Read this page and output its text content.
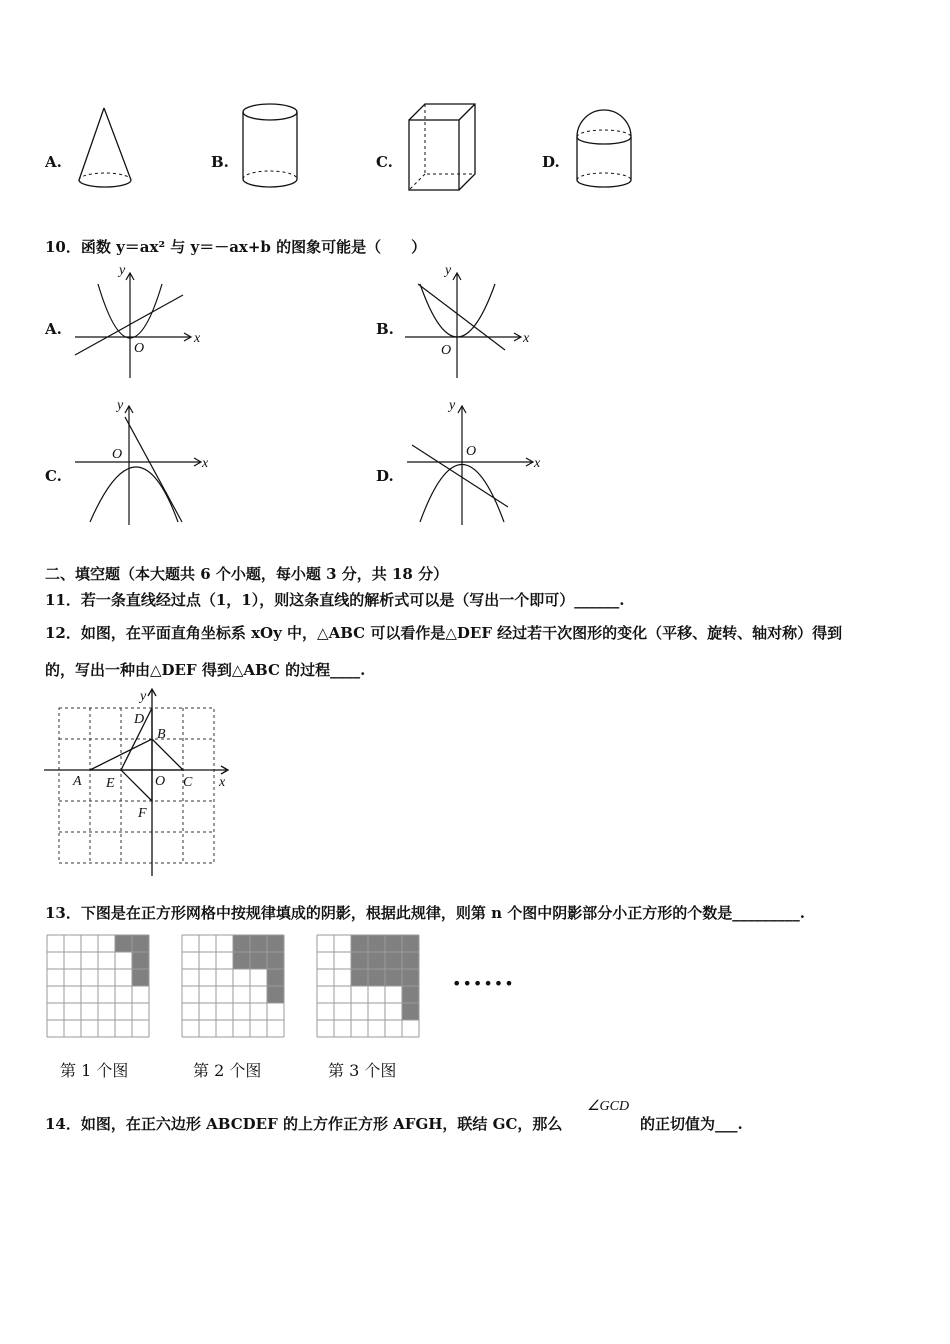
A.	B.	C.	D.
10．函数 y＝ax² 与 y＝－ax+b 的图象可能是（　　）
A.
O
x
y
B.
O
x
y
C.
O
x
y
D.
O
x
y
二、填空题（本大题共 6 个小题，每小题 3 分，共 18 分）
11．若一条直线经过点（1，1），则这条直线的解析式可以是（写出一个即可）______.
12．如图，在平面直角坐标系 xOy 中，△ABC 可以看作是△DEF 经过若干次图形的变化（平移、旋转、轴对称）得到
的，写出一种由△DEF 得到△ABC 的过程____.
A
B
C
D
E
F
O	x
y
13．下图是在正方形网格中按规律填成的阴影，根据此规律，则第 n 个图中阴影部分小正方形的个数是_________.
第 1 个图	第 2 个图	第 3 个图
••••••
14．如图，在正六边形 ABCDEF 的上方作正方形 AFGH，联结 GC，那么
∠GCD
的正切值为___.
